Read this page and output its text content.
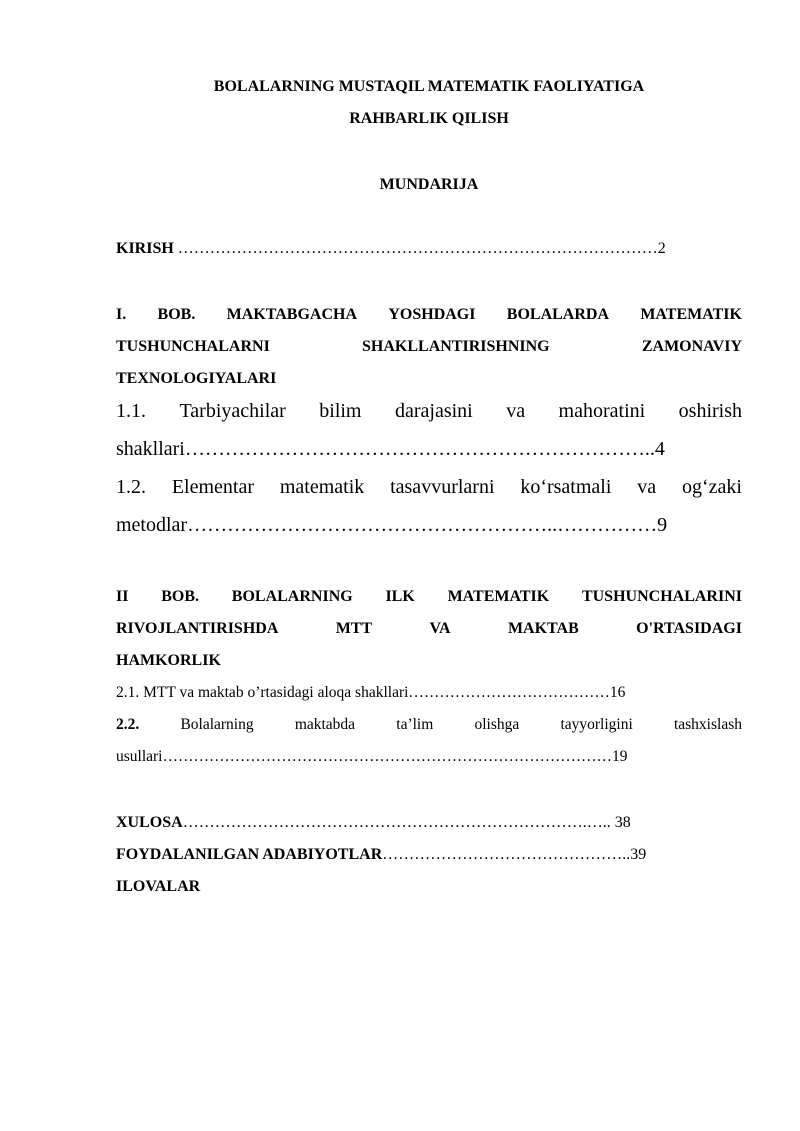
BOLALARNING MUSTAQIL MATEMATIK FAOLIYATIGA

RAHBARLIK QILISH

MUNDARIJA

KIRISH ………………………………………………………………………………2

I. BOB. MAKTABGACHA YOSHDAGI BOLALARDA MATEMATIK

TUSHUNCHALARNI	SHAKLLANTIRISHNING	ZAMONAVIY

TEXNOLOGIYALARI

1.1. Tarbiyachilar bilim darajasini va mahoratini oshirish

shakllari……………………………………………………………..4

1.2. Elementar matematik tasavvurlarni ko‘rsatmali va og‘zaki

metodlar………………………………………………..……………9

II BOB. BOLALARNING ILK MATEMATIK TUSHUNCHALARINI

RIVOJLANTIRISHDA	MTT	VA	MAKTAB	O'RTASIDAGI

HAMKORLIK

2.1. MTT va maktab o’rtasidagi aloqa shakllari…………………………………16

2.2.	Bolalarning	maktabda	ta’lim	olishga	tayyorligini	tashxislash

usullari……………………………………………………………………………19

XULOSA………………………………………………………………….….. 38

FOYDALANILGAN ADABIYOTLAR………………………………………..39

ILOVALAR
